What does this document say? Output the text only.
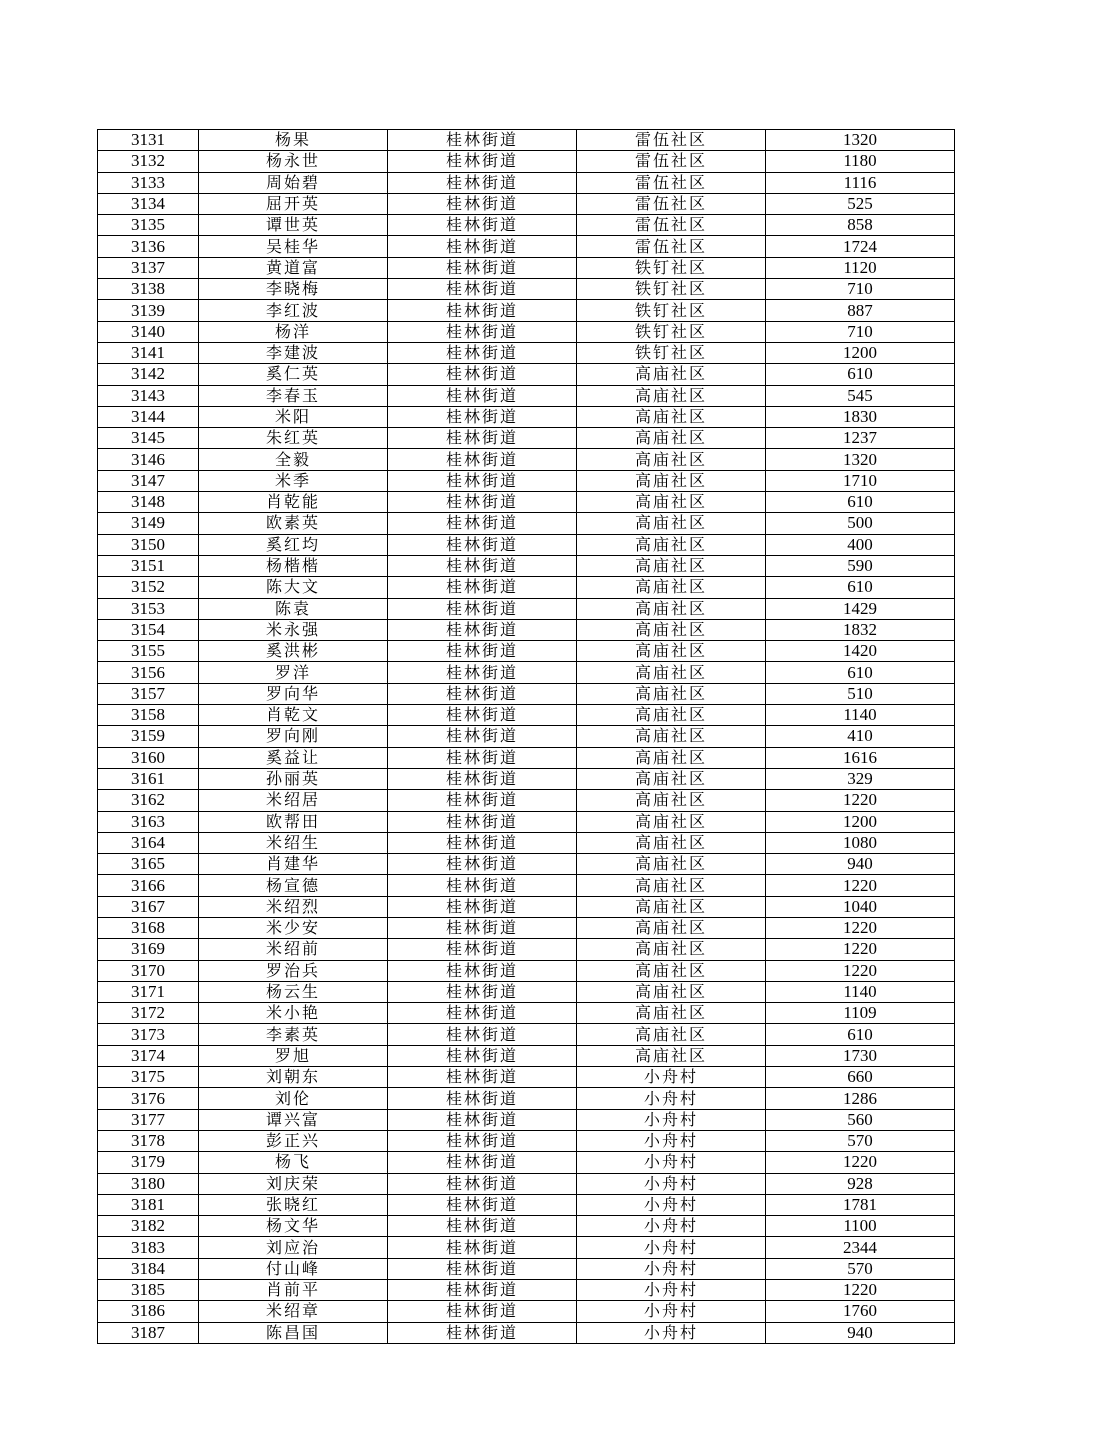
3131	杨果	桂林街道	雷伍社区	1320
3132	杨永世	桂林街道	雷伍社区	1180
3133	周始碧	桂林街道	雷伍社区	1116
3134	屈开英	桂林街道	雷伍社区	525
3135	谭世英	桂林街道	雷伍社区	858
3136	吴桂华	桂林街道	雷伍社区	1724
3137	黄道富	桂林街道	铁钉社区	1120
3138	李晓梅	桂林街道	铁钉社区	710
3139	李红波	桂林街道	铁钉社区	887
3140	杨洋	桂林街道	铁钉社区	710
3141	李建波	桂林街道	铁钉社区	1200
3142	奚仁英	桂林街道	高庙社区	610
3143	李春玉	桂林街道	高庙社区	545
3144	米阳	桂林街道	高庙社区	1830
3145	朱红英	桂林街道	高庙社区	1237
3146	全毅	桂林街道	高庙社区	1320
3147	米季	桂林街道	高庙社区	1710
3148	肖乾能	桂林街道	高庙社区	610
3149	欧素英	桂林街道	高庙社区	500
3150	奚红均	桂林街道	高庙社区	400
3151	杨楷楷	桂林街道	高庙社区	590
3152	陈大文	桂林街道	高庙社区	610
3153	陈袁	桂林街道	高庙社区	1429
3154	米永强	桂林街道	高庙社区	1832
3155	奚洪彬	桂林街道	高庙社区	1420
3156	罗洋	桂林街道	高庙社区	610
3157	罗向华	桂林街道	高庙社区	510
3158	肖乾文	桂林街道	高庙社区	1140
3159	罗向刚	桂林街道	高庙社区	410
3160	奚益让	桂林街道	高庙社区	1616
3161	孙丽英	桂林街道	高庙社区	329
3162	米绍居	桂林街道	高庙社区	1220
3163	欧帮田	桂林街道	高庙社区	1200
3164	米绍生	桂林街道	高庙社区	1080
3165	肖建华	桂林街道	高庙社区	940
3166	杨宣德	桂林街道	高庙社区	1220
3167	米绍烈	桂林街道	高庙社区	1040
3168	米少安	桂林街道	高庙社区	1220
3169	米绍前	桂林街道	高庙社区	1220
3170	罗治兵	桂林街道	高庙社区	1220
3171	杨云生	桂林街道	高庙社区	1140
3172	米小艳	桂林街道	高庙社区	1109
3173	李素英	桂林街道	高庙社区	610
3174	罗旭	桂林街道	高庙社区	1730
3175	刘朝东	桂林街道	小舟村	660
3176	刘伦	桂林街道	小舟村	1286
3177	谭兴富	桂林街道	小舟村	560
3178	彭正兴	桂林街道	小舟村	570
3179	杨飞	桂林街道	小舟村	1220
3180	刘庆荣	桂林街道	小舟村	928
3181	张晓红	桂林街道	小舟村	1781
3182	杨文华	桂林街道	小舟村	1100
3183	刘应治	桂林街道	小舟村	2344
3184	付山峰	桂林街道	小舟村	570
3185	肖前平	桂林街道	小舟村	1220
3186	米绍章	桂林街道	小舟村	1760
3187	陈昌国	桂林街道	小舟村	940
